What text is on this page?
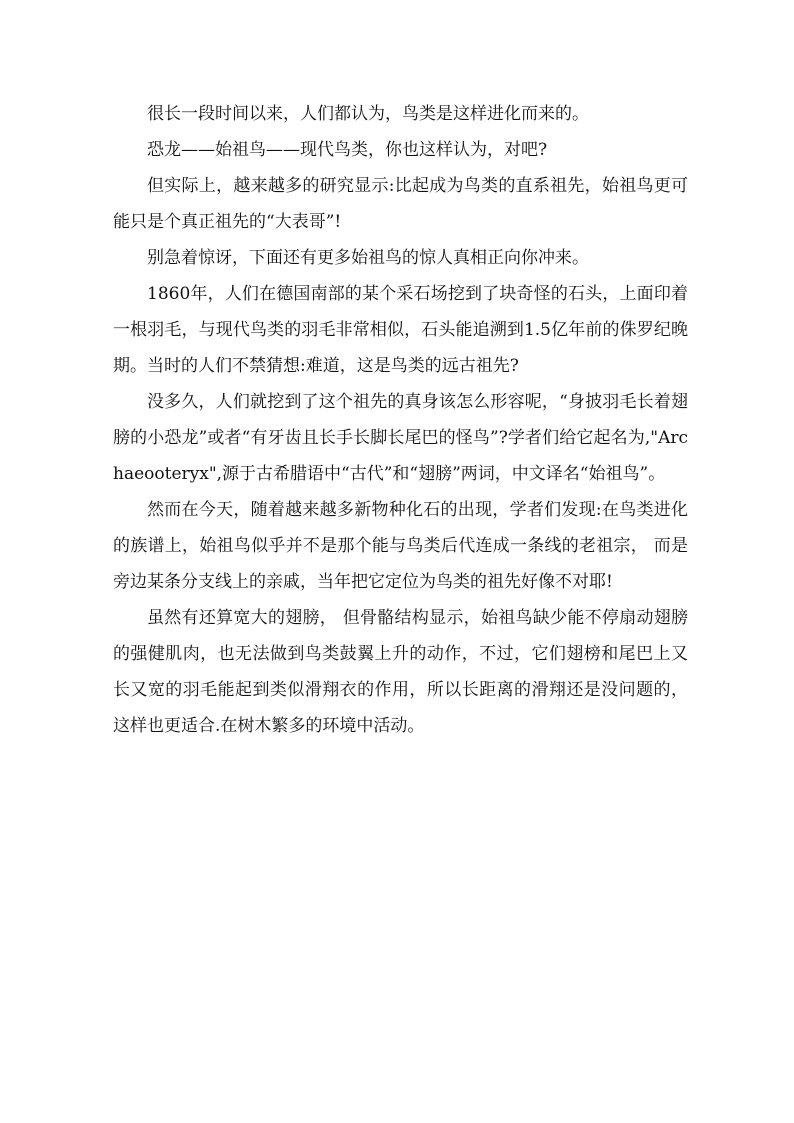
很长一段时间以来，人们都认为，鸟类是这样进化而来的。

恐龙——始祖鸟——现代鸟类，你也这样认为，对吧?

但实际上，越来越多的研究显示:比起成为鸟类的直系祖先，始祖鸟更可能只是个真正祖先的“大表哥”!

别急着惊讶，下面还有更多始祖鸟的惊人真相正向你冲来。

1860年，人们在德国南部的某个采石场挖到了块奇怪的石头，上面印着一根羽毛，与现代鸟类的羽毛非常相似，石头能追溯到1.5亿年前的侏罗纪晚期。当时的人们不禁猜想:难道，这是鸟类的远古祖先?

没多久，人们就挖到了这个祖先的真身该怎么形容呢，“身披羽毛长着翅膀的小恐龙”或者“有牙齿且长手长脚长尾巴的怪鸟”?学者们给它起名为,"Archaeooteryx",源于古希腊语中“古代”和“翅膀”两词，中文译名“始祖鸟”。

然而在今天，随着越来越多新物种化石的出现，学者们发现:在鸟类进化的族谱上，始祖鸟似乎并不是那个能与鸟类后代连成一条线的老祖宗， 而是旁边某条分支线上的亲戚，当年把它定位为鸟类的祖先好像不对耶!

虽然有还算宽大的翅膀， 但骨骼结构显示，始祖鸟缺少能不停扇动翅膀的强健肌肉，也无法做到鸟类鼓翼上升的动作，不过，它们翅榜和尾巴上又长又宽的羽毛能起到类似滑翔衣的作用，所以长距离的滑翔还是没问题的，这样也更适合.在树木繁多的环境中活动。
